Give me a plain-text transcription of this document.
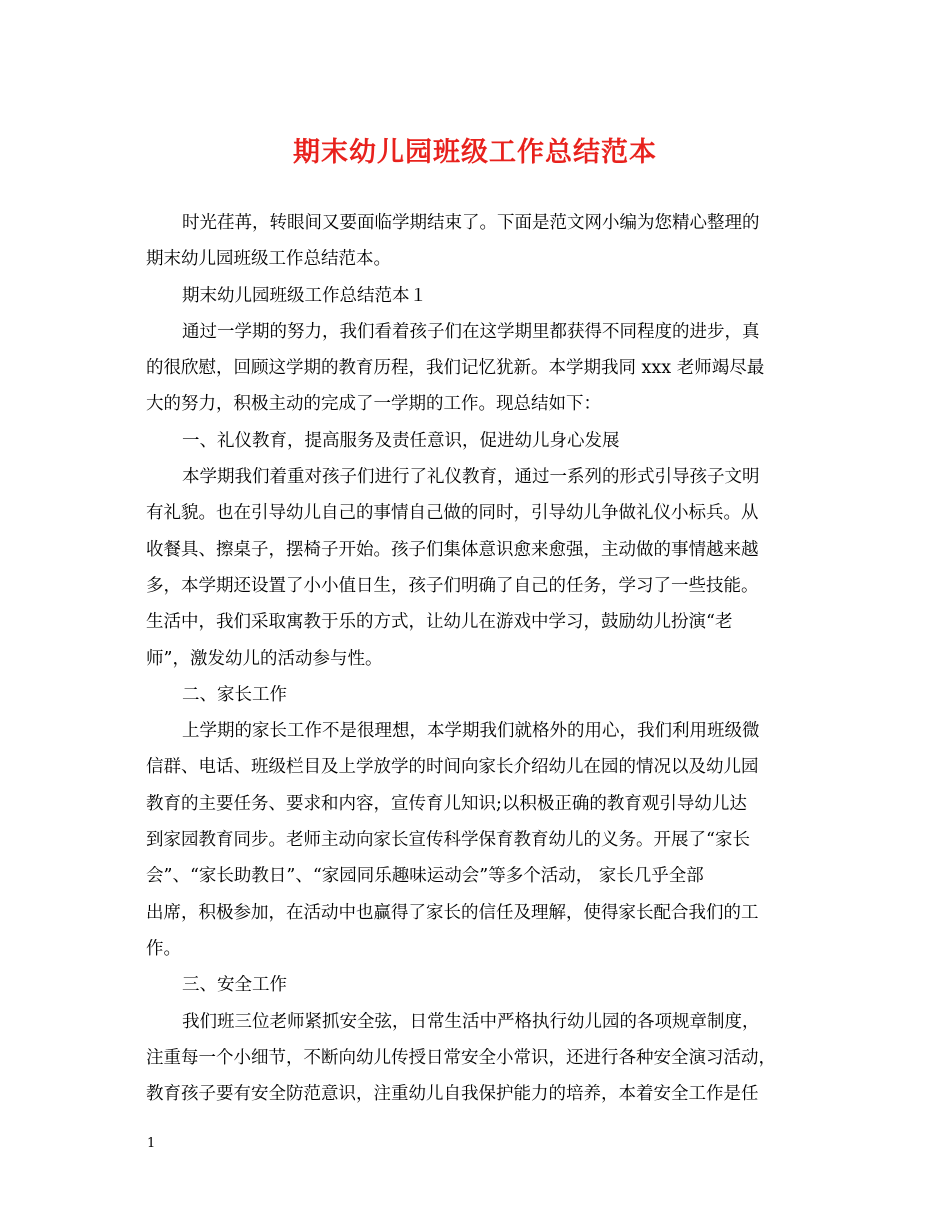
期末幼儿园班级工作总结范本
时光荏苒，转眼间又要面临学期结束了。下面是范文网小编为您精心整理的
期末幼儿园班级工作总结范本。
期末幼儿园班级工作总结范本１
通过一学期的努力，我们看着孩子们在这学期里都获得不同程度的进步，真
的很欣慰，回顾这学期的教育历程，我们记忆犹新。本学期我同 xxx 老师竭尽最
大的努力，积极主动的完成了一学期的工作。现总结如下：
一、礼仪教育，提高服务及责任意识，促进幼儿身心发展
本学期我们着重对孩子们进行了礼仪教育，通过一系列的形式引导孩子文明
有礼貌。也在引导幼儿自己的事情自己做的同时，引导幼儿争做礼仪小标兵。从
收餐具、擦桌子，摆椅子开始。孩子们集体意识愈来愈强，主动做的事情越来越
多，本学期还设置了小小值日生，孩子们明确了自己的任务，学习了一些技能。
生活中，我们采取寓教于乐的方式，让幼儿在游戏中学习，鼓励幼儿扮演“老
师”，激发幼儿的活动参与性。
二、家长工作
上学期的家长工作不是很理想，本学期我们就格外的用心，我们利用班级微
信群、电话、班级栏目及上学放学的时间向家长介绍幼儿在园的情况以及幼儿园
教育的主要任务、要求和内容，宣传育儿知识;以积极正确的教育观引导幼儿达
到家园教育同步。老师主动向家长宣传科学保育教育幼儿的义务。开展了“家长
会”、“家长助教日”、“家园同乐趣味运动会”等多个活动， 家长几乎全部
出席，积极参加，在活动中也赢得了家长的信任及理解，使得家长配合我们的工
作。
三、安全工作
我们班三位老师紧抓安全弦，日常生活中严格执行幼儿园的各项规章制度，
注重每一个小细节，不断向幼儿传授日常安全小常识，还进行各种安全演习活动，
教育孩子要有安全防范意识，注重幼儿自我保护能力的培养，本着安全工作是任
1
